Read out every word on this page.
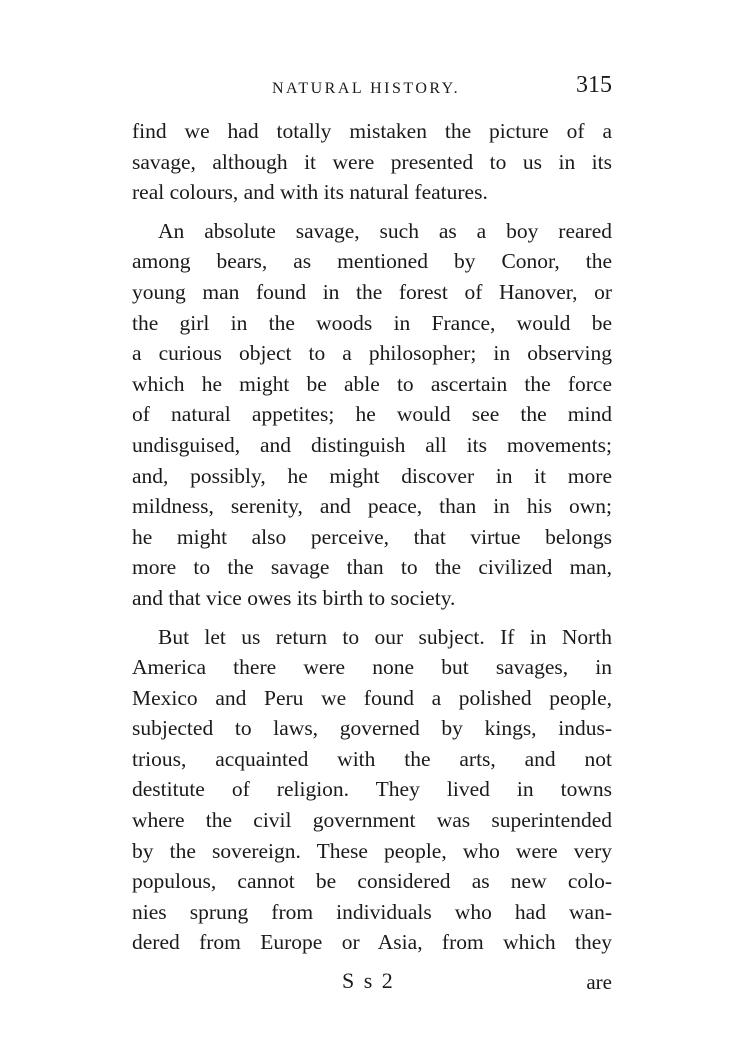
NATURAL HISTORY.	315
find we had totally mistaken the picture of a
savage, although it were presented to us in its
real colours, and with its natural features.
An absolute savage, such as a boy reared
among bears, as mentioned by Conor, the
young man found in the forest of Hanover, or
the girl in the woods in France, would be
a curious object to a philosopher; in observing
which he might be able to ascertain the force
of natural appetites; he would see the mind
undisguised, and distinguish all its movements;
and, possibly, he might discover in it more
mildness, serenity, and peace, than in his own;
he might also perceive, that virtue belongs
more to the savage than to the civilized man,
and that vice owes its birth to society.
But let us return to our subject. If in North
America there were none but savages, in
Mexico and Peru we found a polished people,
subjected to laws, governed by kings, indus-
trious, acquainted with the arts, and not
destitute of religion. They lived in towns
where the civil government was superintended
by the sovereign. These people, who were very
populous, cannot be considered as new colo-
nies sprung from individuals who had wan-
dered from Europe or Asia, from which they
S s 2	are
